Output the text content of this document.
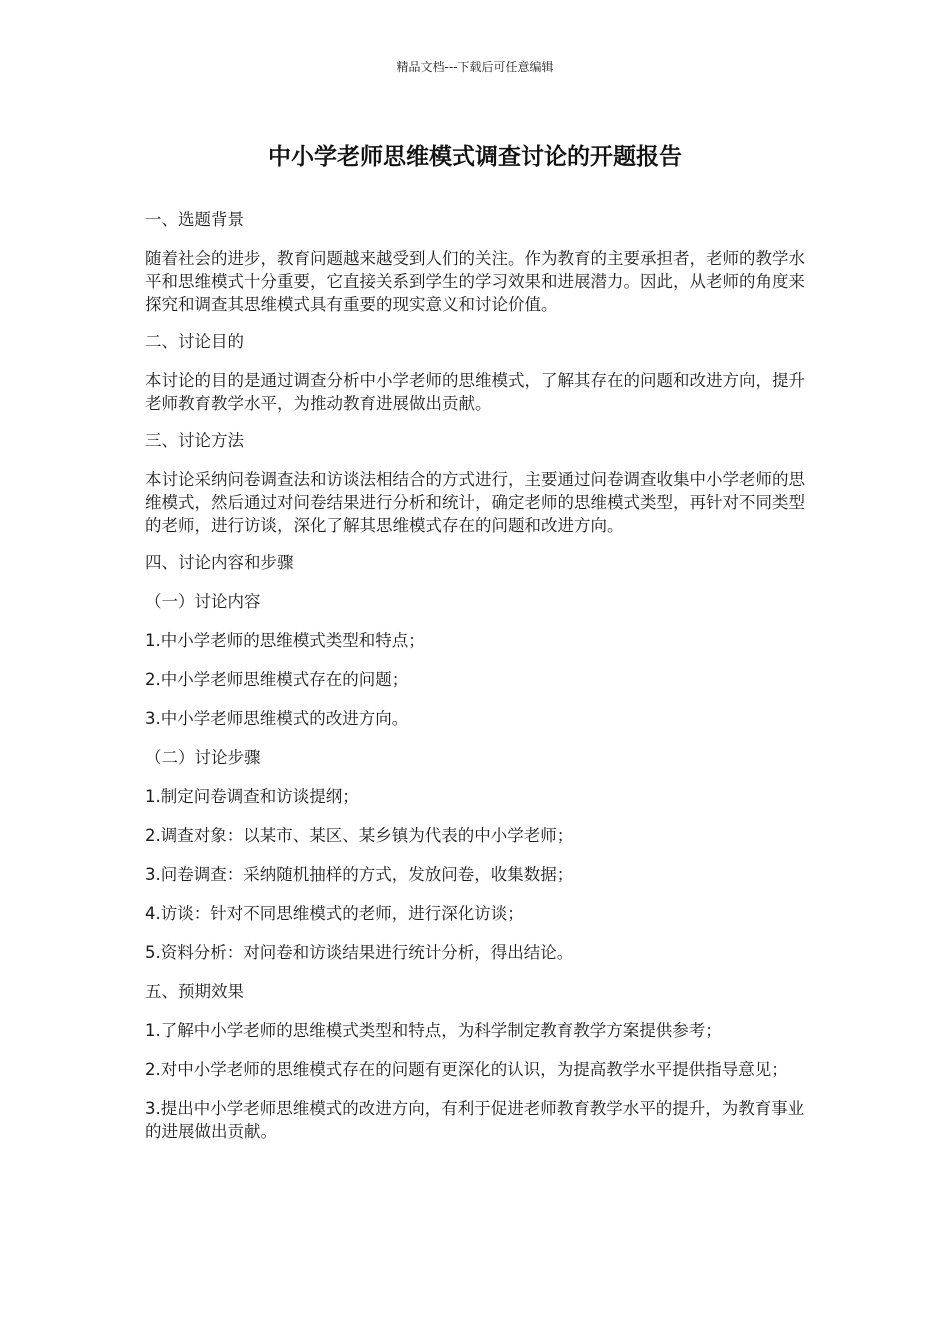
精品文档---下载后可任意编辑
中小学老师思维模式调查讨论的开题报告

一、选题背景

随着社会的进步，教育问题越来越受到人们的关注。作为教育的主要承担者，老师的教学水平和思维模式十分重要，它直接关系到学生的学习效果和进展潜力。因此，从老师的角度来探究和调查其思维模式具有重要的现实意义和讨论价值。

二、讨论目的

本讨论的目的是通过调查分析中小学老师的思维模式，了解其存在的问题和改进方向，提升老师教育教学水平，为推动教育进展做出贡献。

三、讨论方法

本讨论采纳问卷调查法和访谈法相结合的方式进行，主要通过问卷调查收集中小学老师的思维模式，然后通过对问卷结果进行分析和统计，确定老师的思维模式类型，再针对不同类型的老师，进行访谈，深化了解其思维模式存在的问题和改进方向。

四、讨论内容和步骤

（一）讨论内容

1.中小学老师的思维模式类型和特点；

2.中小学老师思维模式存在的问题；

3.中小学老师思维模式的改进方向。

（二）讨论步骤

1.制定问卷调查和访谈提纲；

2.调查对象：以某市、某区、某乡镇为代表的中小学老师；

3.问卷调查：采纳随机抽样的方式，发放问卷，收集数据；

4.访谈：针对不同思维模式的老师，进行深化访谈；

5.资料分析：对问卷和访谈结果进行统计分析，得出结论。

五、预期效果

1.了解中小学老师的思维模式类型和特点，为科学制定教育教学方案提供参考；

2.对中小学老师的思维模式存在的问题有更深化的认识，为提高教学水平提供指导意见；

3.提出中小学老师思维模式的改进方向，有利于促进老师教育教学水平的提升，为教育事业的进展做出贡献。
